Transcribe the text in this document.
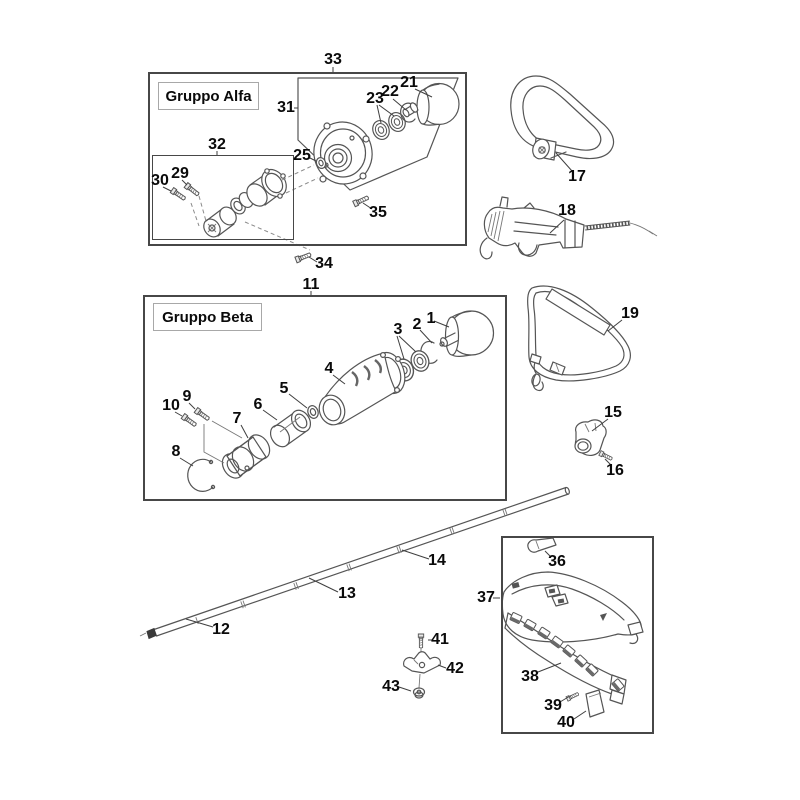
Gruppo Alfa
Gruppo Beta	1
2
3
4
5
6
7
8
9
10
11
12
13
14
15
16
17
18
19
21
22
23
25
29
30
31
32
33
34
35
36
37
38
39
40
41
42
43
